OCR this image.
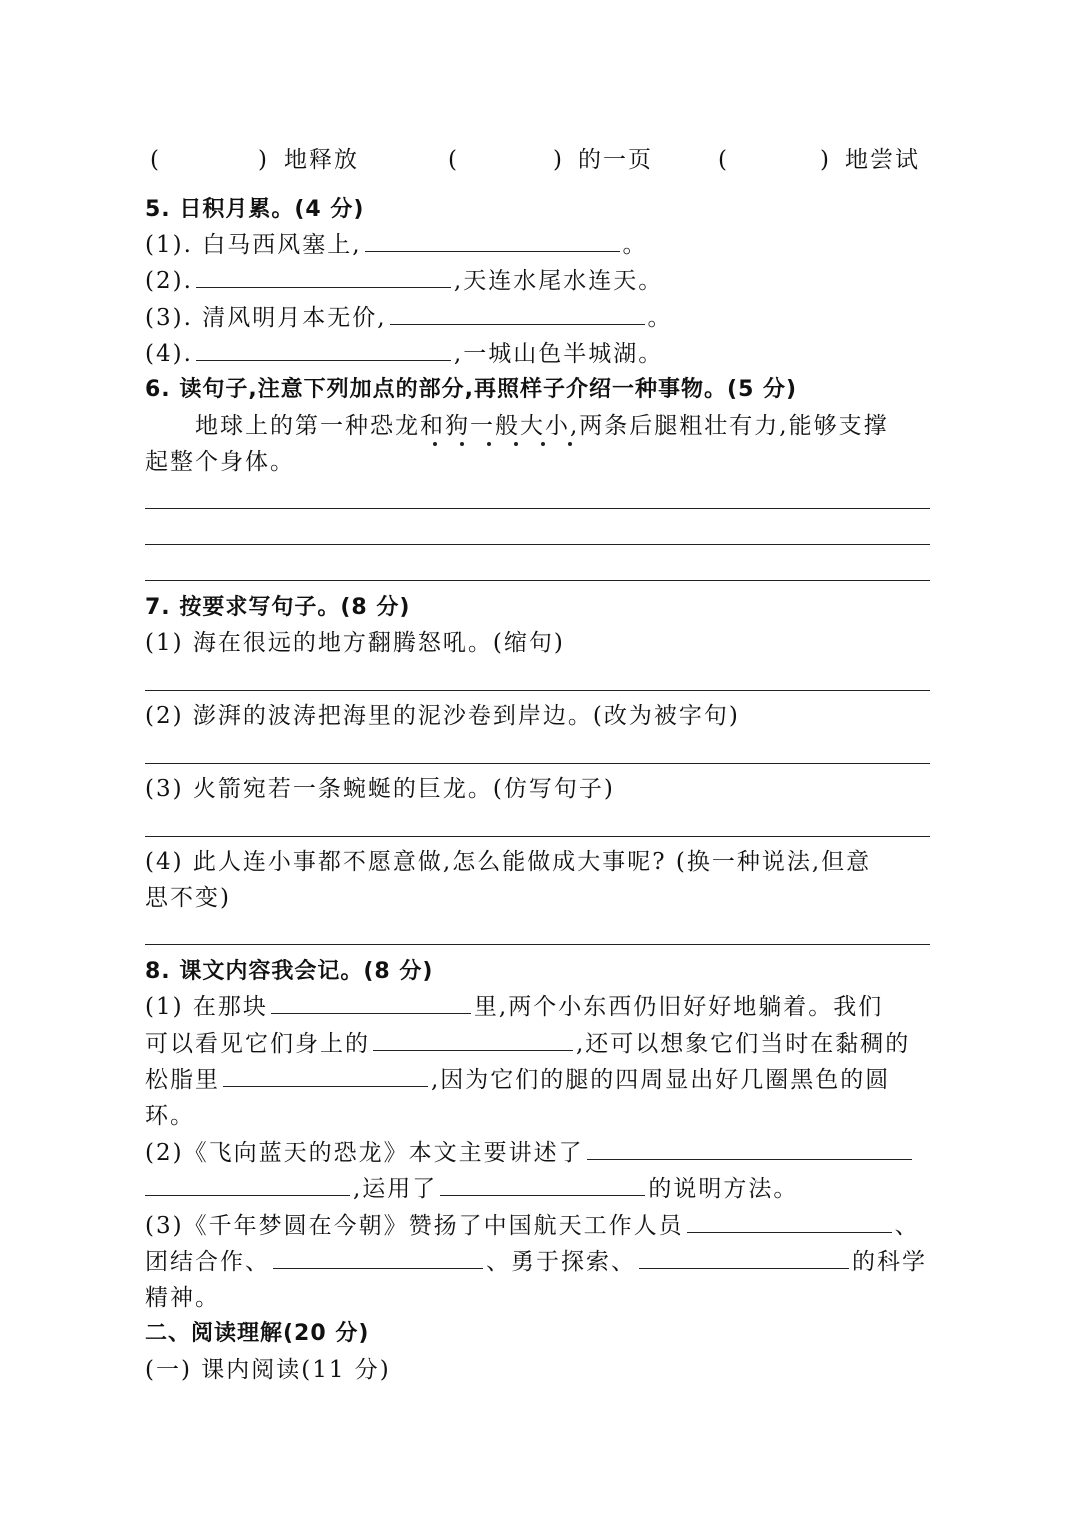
(	) 地释放	(	) 的一页	(	) 地尝试
5. 日积月累。(4 分)
(1). 白马西风塞上,	。
(2).	,天连水尾水连天。
(3). 清风明月本无价,	。
(4).	,一城山色半城湖。
6. 读句子,注意下列加点的部分,再照样子介绍一种事物。(5 分)
地球上的第一种恐龙和狗一般大小,两条后腿粗壮有力,能够支撑
起整个身体。
7. 按要求写句子。(8 分)
(1) 海在很远的地方翻腾怒吼。(缩句)
(2) 澎湃的波涛把海里的泥沙卷到岸边。(改为被字句)
(3) 火箭宛若一条蜿蜒的巨龙。(仿写句子)
(4) 此人连小事都不愿意做,怎么能做成大事呢? (换一种说法,但意
思不变)
8. 课文内容我会记。(8 分)
(1) 在那块	里,两个小东西仍旧好好地躺着。我们
可以看见它们身上的	,还可以想象它们当时在黏稠的
松脂里	,因为它们的腿的四周显出好几圈黑色的圆
环。
(2)《飞向蓝天的恐龙》本文主要讲述了
,运用了	的说明方法。
(3)《千年梦圆在今朝》赞扬了中国航天工作人员	、
团结合作、	、勇于探索、	的科学
精神。
二、阅读理解(20 分)
(一) 课内阅读(11 分)
